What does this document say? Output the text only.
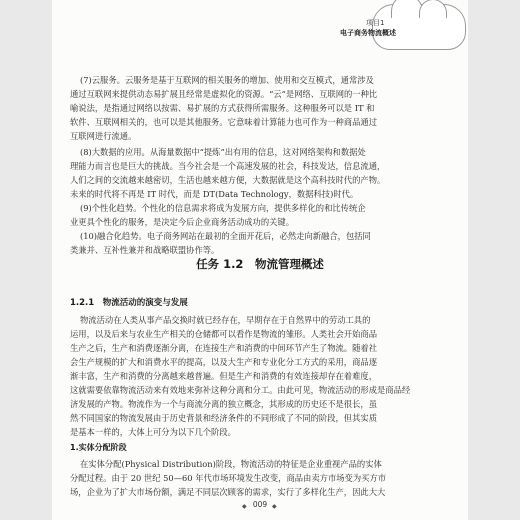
项目1
电子商务物流概述
(7)云服务。云服务是基于互联网的相关服务的增加、使用和交互模式，通常涉及
通过互联网来提供动态易扩展且经常是虚拟化的资源。“云”是网络、互联网的一种比
喻说法，是指通过网络以按需、易扩展的方式获得所需服务。这种服务可以是 IT 和
软件、互联网相关的，也可以是其他服务。它意味着计算能力也可作为一种商品通过
互联网进行流通。
(8)大数据的应用。从海量数据中“提炼”出有用的信息，这对网络架构和数据处
理能力而言也是巨大的挑战。当今社会是一个高速发展的社会，科技发达，信息流通，
人们之间的交流越来越密切，生活也越来越方便，大数据就是这个高科技时代的产物。
未来的时代将不再是 IT 时代，而是 DT(Data Technology，数据科技)时代。
(9)个性化趋势。个性化的信息需求将成为发展方向，提供多样化的和比传统企
业更具个性化的服务，是决定今后企业商务活动成功的关键。
(10)融合化趋势。电子商务网站在最初的全面开花后，必然走向新融合，包括同
任务 1.2　物流管理概述
类兼并、互补性兼并和战略联盟协作等。
1.2.1　物流活动的演变与发展
物流活动在人类从事产品交换时就已经存在，早期存在于自然界中的劳动工具的
运用，以及后来与农业生产相关的仓储都可以看作是物流的雏形。人类社会开始商品
生产之后，生产和消费逐渐分离，在连接生产和消费的中间环节产生了物流。随着社
会生产规模的扩大和消费水平的提高，以及大生产和专业化分工方式的采用，商品逐
渐丰富，生产和消费的分离越来越普遍。但是生产和消费的有效连接却存在着难度，
这就需要依靠物流活动来有效地来弥补这种分离和分工。由此可见，物流活动的形成是商品经
济发展的产物。物流作为一个与商流分离的独立概念，其形成的历史还不是很长，虽
然不同国家的物流发展由于历史背景和经济条件的不同形成了不同的阶段，但其实质
是基本一样的，大体上可分为以下几个阶段。
1.实体分配阶段
在实体分配(Physical Distribution)阶段，物流活动的特征是企业重视产品的实体
分配过程。由于 20 世纪 50—60 年代市场环境发生改变，商品由卖方市场变为买方市
场，企业为了扩大市场份额，满足不同层次顾客的需求，实行了多样化生产，因此大大
◆ 009 ◆
